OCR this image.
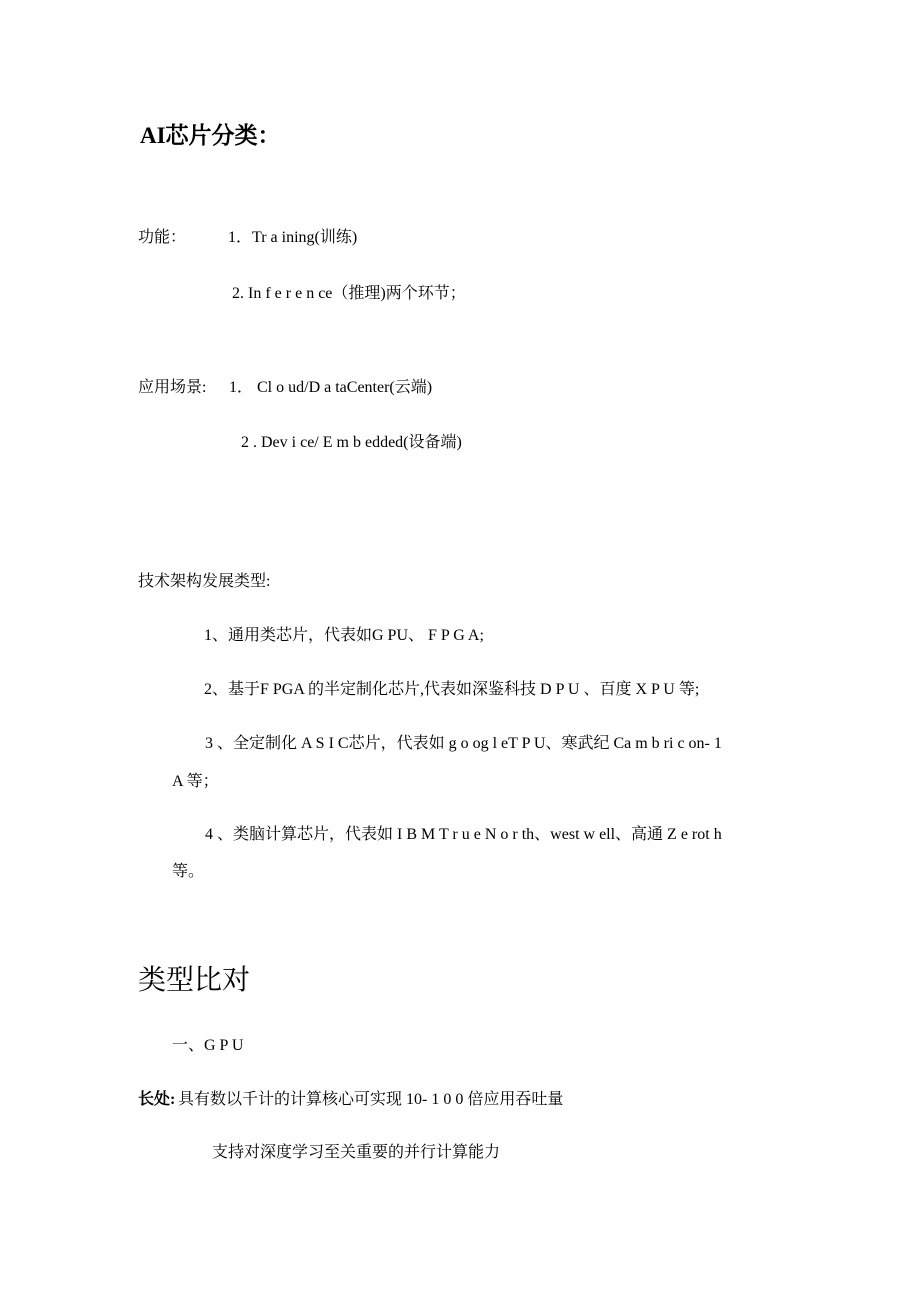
AI芯片分类：
功能：	1．Tr a ining(训练)
2. In f e r e n ce（推理)两个环节；
应用场景: 1． Cl o ud/D a taCenter(云端)
2 . Dev i ce/ E m b edded(设备端)
技术架构发展类型:
1、通用类芯片，代表如G PU、 F P G A;
2、基于F PGA 的半定制化芯片,代表如深鉴科技 D P U 、百度 X P U 等;
3 、全定制化 A S I C芯片，代表如 g o og l eT P U、寒武纪 Ca m b ri c on- 1
A 等；
4 、类脑计算芯片，代表如 I B M T r u e N o r th、west w ell、高通 Z e rot h
等。
类型比对
一、G P U
长处: 具有数以千计的计算核心可实现 10- 1 0 0 倍应用吞吐量
支持对深度学习至关重要的并行计算能力
